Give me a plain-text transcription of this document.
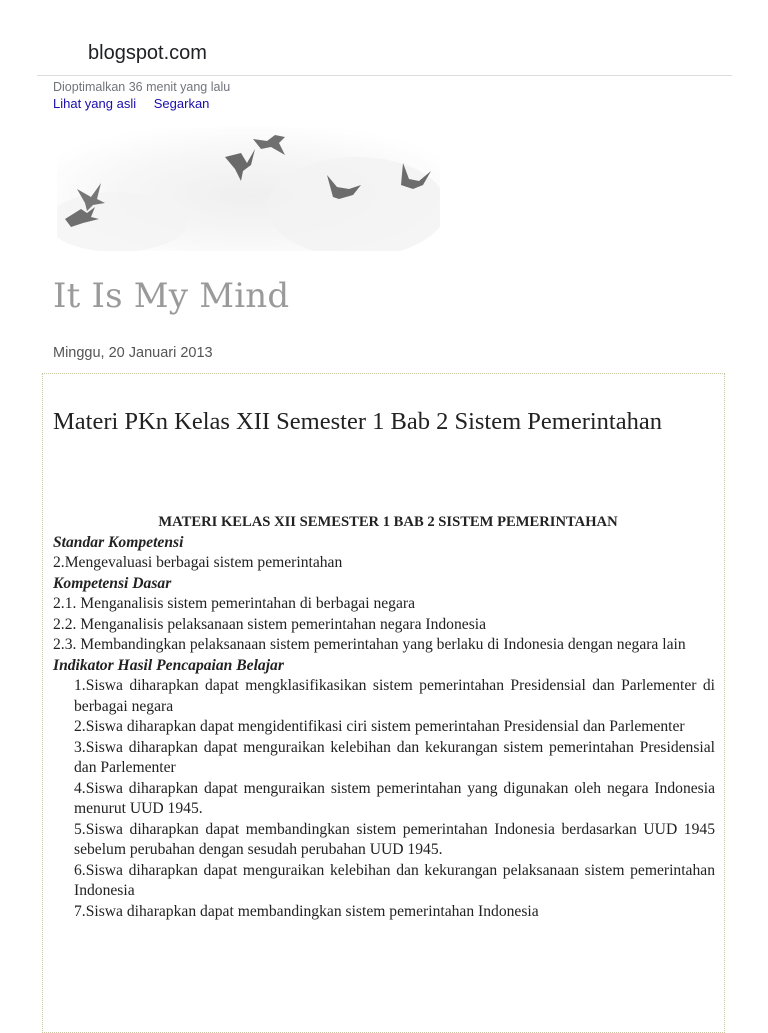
blogspot.com
Dioptimalkan 36 menit yang lalu
Lihat yang asli Segarkan
It Is My Mind
Minggu, 20 Januari 2013
Materi PKn Kelas XII Semester 1 Bab 2 Sistem Pemerintahan
MATERI KELAS XII SEMESTER 1 BAB 2 SISTEM PEMERINTAHAN
Standar Kompetensi
2.Mengevaluasi berbagai sistem pemerintahan
Kompetensi Dasar
2.1. Menganalisis sistem pemerintahan di berbagai negara
2.2. Menganalisis pelaksanaan sistem pemerintahan negara Indonesia
2.3. Membandingkan pelaksanaan sistem pemerintahan yang berlaku di Indonesia dengan negara lain
Indikator Hasil Pencapaian Belajar
1.Siswa diharapkan dapat mengklasifikasikan sistem pemerintahan Presidensial dan Parlementer di berbagai negara
2.Siswa diharapkan dapat mengidentifikasi ciri sistem pemerintahan Presidensial dan Parlementer
3.Siswa diharapkan dapat menguraikan kelebihan dan kekurangan sistem pemerintahan Presidensial dan Parlementer
4.Siswa diharapkan dapat menguraikan sistem pemerintahan yang digunakan oleh negara Indonesia menurut UUD 1945.
5.Siswa diharapkan dapat membandingkan sistem pemerintahan Indonesia berdasarkan UUD 1945 sebelum perubahan dengan sesudah perubahan UUD 1945.
6.Siswa diharapkan dapat menguraikan kelebihan dan kekurangan pelaksanaan sistem pemerintahan Indonesia
7.Siswa diharapkan dapat membandingkan sistem pemerintahan Indonesia
